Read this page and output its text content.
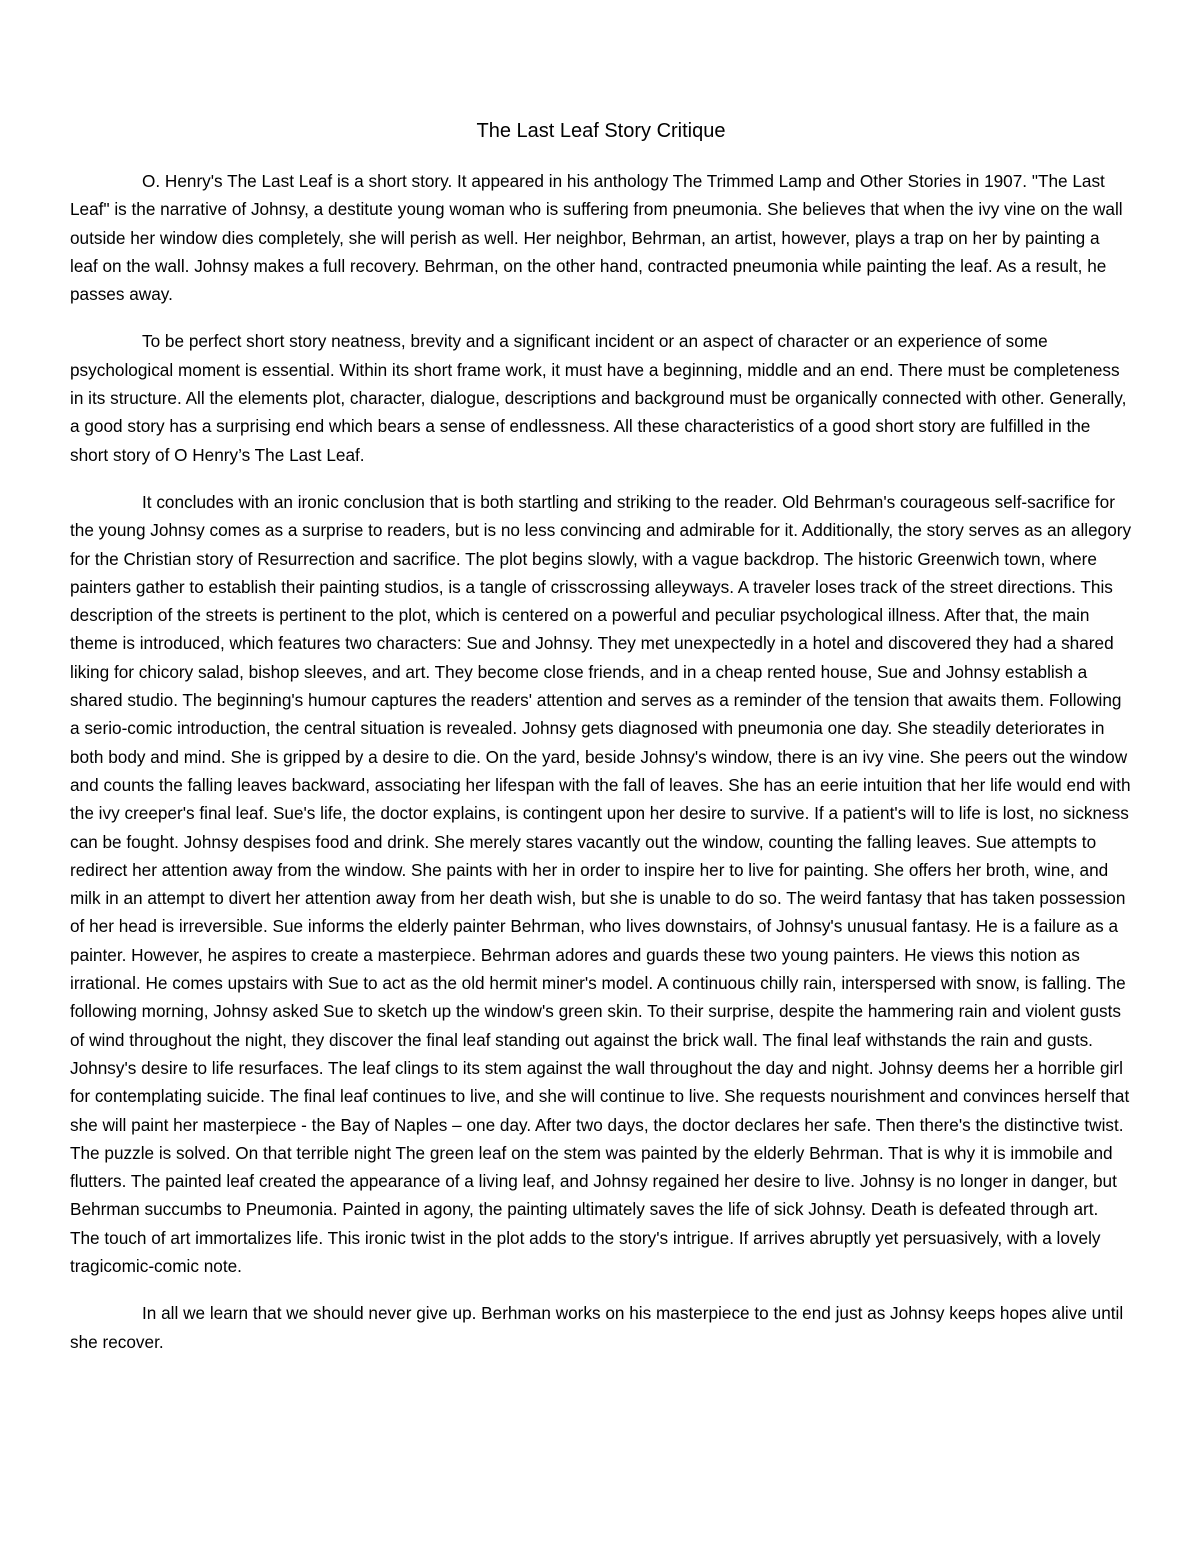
The Last Leaf Story Critique

O. Henry's The Last Leaf is a short story. It appeared in his anthology The Trimmed Lamp and Other Stories in 1907. "The Last Leaf" is the narrative of Johnsy, a destitute young woman who is suffering from pneumonia. She believes that when the ivy vine on the wall outside her window dies completely, she will perish as well. Her neighbor, Behrman, an artist, however, plays a trap on her by painting a leaf on the wall. Johnsy makes a full recovery. Behrman, on the other hand, contracted pneumonia while painting the leaf. As a result, he passes away.

To be perfect short story neatness, brevity and a significant incident or an aspect of character or an experience of some psychological moment is essential. Within its short frame work, it must have a beginning, middle and an end. There must be completeness in its structure. All the elements plot, character, dialogue, descriptions and background must be organically connected with other. Generally, a good story has a surprising end which bears a sense of endlessness. All these characteristics of a good short story are fulfilled in the short story of O Henry’s The Last Leaf.

It concludes with an ironic conclusion that is both startling and striking to the reader. Old Behrman's courageous self-sacrifice for the young Johnsy comes as a surprise to readers, but is no less convincing and admirable for it. Additionally, the story serves as an allegory for the Christian story of Resurrection and sacrifice. The plot begins slowly, with a vague backdrop. The historic Greenwich town, where painters gather to establish their painting studios, is a tangle of crisscrossing alleyways. A traveler loses track of the street directions. This description of the streets is pertinent to the plot, which is centered on a powerful and peculiar psychological illness. After that, the main theme is introduced, which features two characters: Sue and Johnsy. They met unexpectedly in a hotel and discovered they had a shared liking for chicory salad, bishop sleeves, and art. They become close friends, and in a cheap rented house, Sue and Johnsy establish a shared studio. The beginning's humour captures the readers' attention and serves as a reminder of the tension that awaits them. Following a serio-comic introduction, the central situation is revealed. Johnsy gets diagnosed with pneumonia one day. She steadily deteriorates in both body and mind. She is gripped by a desire to die. On the yard, beside Johnsy's window, there is an ivy vine. She peers out the window and counts the falling leaves backward, associating her lifespan with the fall of leaves. She has an eerie intuition that her life would end with the ivy creeper's final leaf. Sue's life, the doctor explains, is contingent upon her desire to survive. If a patient's will to life is lost, no sickness can be fought. Johnsy despises food and drink. She merely stares vacantly out the window, counting the falling leaves. Sue attempts to redirect her attention away from the window. She paints with her in order to inspire her to live for painting. She offers her broth, wine, and milk in an attempt to divert her attention away from her death wish, but she is unable to do so. The weird fantasy that has taken possession of her head is irreversible. Sue informs the elderly painter Behrman, who lives downstairs, of Johnsy's unusual fantasy. He is a failure as a painter. However, he aspires to create a masterpiece. Behrman adores and guards these two young painters. He views this notion as irrational. He comes upstairs with Sue to act as the old hermit miner's model. A continuous chilly rain, interspersed with snow, is falling. The following morning, Johnsy asked Sue to sketch up the window's green skin. To their surprise, despite the hammering rain and violent gusts of wind throughout the night, they discover the final leaf standing out against the brick wall. The final leaf withstands the rain and gusts. Johnsy's desire to life resurfaces. The leaf clings to its stem against the wall throughout the day and night. Johnsy deems her a horrible girl for contemplating suicide. The final leaf continues to live, and she will continue to live. She requests nourishment and convinces herself that she will paint her masterpiece - the Bay of Naples – one day. After two days, the doctor declares her safe. Then there's the distinctive twist. The puzzle is solved. On that terrible night The green leaf on the stem was painted by the elderly Behrman. That is why it is immobile and flutters. The painted leaf created the appearance of a living leaf, and Johnsy regained her desire to live. Johnsy is no longer in danger, but Behrman succumbs to Pneumonia. Painted in agony, the painting ultimately saves the life of sick Johnsy. Death is defeated through art. The touch of art immortalizes life. This ironic twist in the plot adds to the story's intrigue. If arrives abruptly yet persuasively, with a lovely tragicomic-comic note.

In all we learn that we should never give up. Berhman works on his masterpiece to the end just as Johnsy keeps hopes alive until she recover.
